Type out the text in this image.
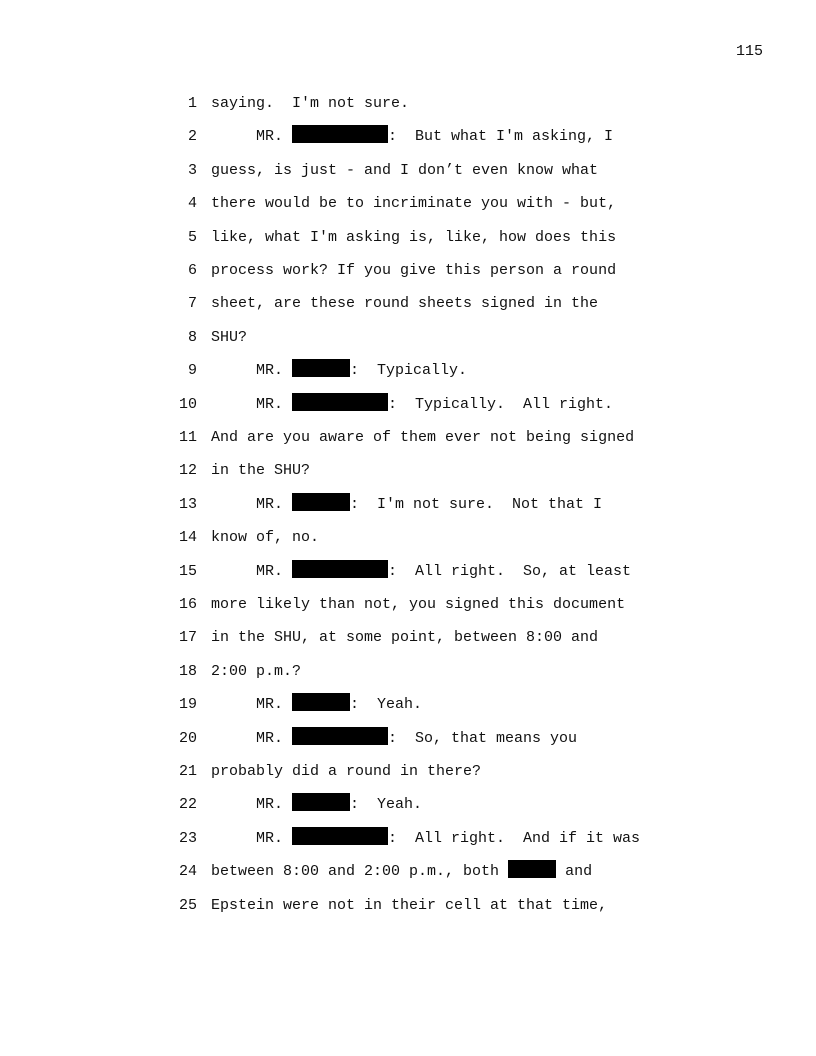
115
1 saying.  I'm not sure.
2 MR.	:  But what I'm asking, I
3 guess, is just - and I don’t even know what
4 there would be to incriminate you with - but,
5 like, what I'm asking is, like, how does this
6 process work? If you give this person a round
7 sheet, are these round sheets signed in the
8 SHU?
9 MR.	:  Typically.
10 MR.	:  Typically.  All right.
11 And are you aware of them ever not being signed
12 in the SHU?
13 MR.	:  I'm not sure.  Not that I
14 know of, no.
15 MR.	:  All right.  So, at least
16 more likely than not, you signed this document
17 in the SHU, at some point, between 8:00 and
18 2:00 p.m.?
19 MR.	:  Yeah.
20 MR.	:  So, that means you
21 probably did a round in there?
22 MR.	:  Yeah.
23 MR.	:  All right.  And if it was
24 between 8:00 and 2:00 p.m., both	and
25 Epstein were not in their cell at that time,
